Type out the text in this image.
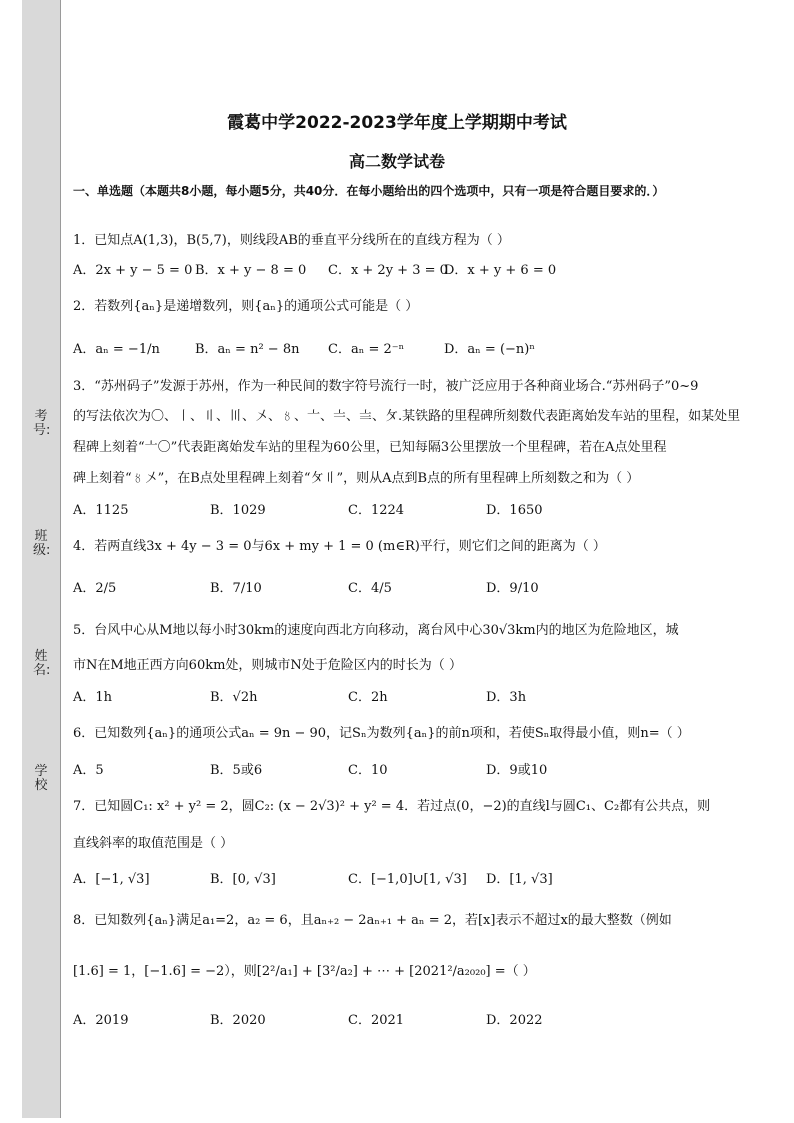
考号:
班级:
姓名:
学校
霞葛中学2022-2023学年度上学期期中考试
高二数学试卷
一、单选题（本题共8小题，每小题5分，共40分．在每小题给出的四个选项中，只有一项是符合题目要求的．）
1．已知点A(1,3)，B(5,7)，则线段AB的垂直平分线所在的直线方程为（ ）
A．2x + y − 5 = 0 B．x + y − 8 = 0 C．x + 2y + 3 = 0
D．x + y + 6 = 0
2．若数列{aₙ}是递增数列，则{aₙ}的通项公式可能是（ ）
A．aₙ = −1/n	B．aₙ = n² − 8n C．aₙ = 2⁻ⁿ	D．aₙ = (−n)ⁿ
3．“苏州码子”发源于苏州，作为一种民间的数字符号流行一时，被广泛应用于各种商业场合.“苏州码子”0~9
的写法依次为〇、〡、〢、〣、〤、〥、〦、〧、〨、〩.某铁路的里程碑所刻数代表距离始发车站的里程，如某处里
程碑上刻着“〦〇”代表距离始发车站的里程为60公里，已知每隔3公里摆放一个里程碑，若在A点处里程
碑上刻着“〥〤”，在B点处里程碑上刻着“〩〢”，则从A点到B点的所有里程碑上所刻数之和为（ ）
A．1125	B．1029	C．1224	D．1650
4．若两直线3x + 4y − 3 = 0与6x + my + 1 = 0 (m∈R)平行，则它们之间的距离为（ ）
A．2/5	B．7/10	C．4/5	D．9/10
5．台风中心从M地以每小时30km的速度向西北方向移动，离台风中心30√3km内的地区为危险地区，城
市N在M地正西方向60km处，则城市N处于危险区内的时长为（ ）
A．1h	B．√2h	C．2h	D．3h
6．已知数列{aₙ}的通项公式aₙ = 9n − 90，记Sₙ为数列{aₙ}的前n项和，若使Sₙ取得最小值，则n=（ ）
A．5	B．5或6	C．10	D．9或10
7．已知圆C₁: x² + y² = 2，圆C₂: (x − 2√3)² + y² = 4．若过点(0，−2)的直线l与圆C₁、C₂都有公共点，则
直线斜率的取值范围是（ ）
A．[−1, √3]	B．[0, √3]	C．[−1,0]∪[1, √3] D．[1, √3]
8．已知数列{aₙ}满足a₁=2，a₂ = 6，且aₙ₊₂ − 2aₙ₊₁ + aₙ = 2，若[x]表示不超过x的最大整数（例如
[1.6] = 1，[−1.6] = −2），则[2²/a₁] + [3²/a₂] + ⋯ + [2021²/a₂₀₂₀] =（ ）
A．2019	B．2020	C．2021	D．2022
